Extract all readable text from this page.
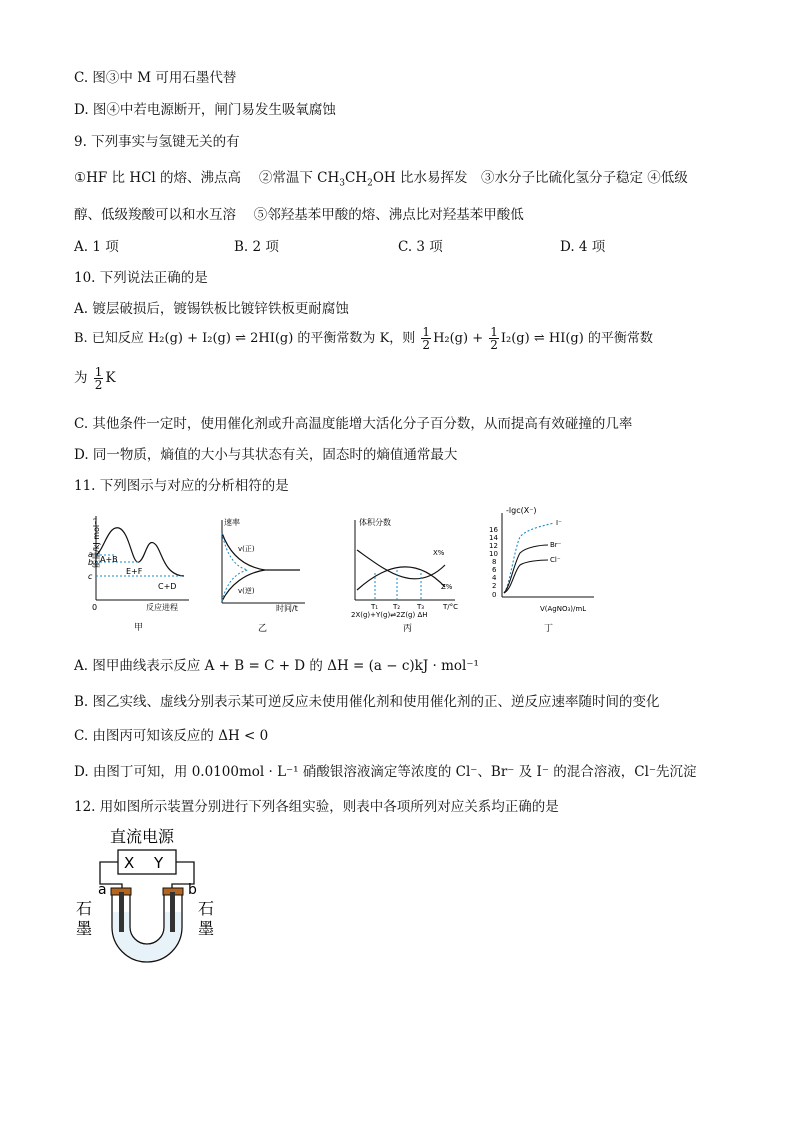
C. 图③中 M 可用石墨代替
D. 图④中若电源断开，闸门易发生吸氧腐蚀
9. 下列事实与氢键无关的有
①HF 比 HCl 的熔、沸点高　 ②常温下 $CH_3CH_2OH$ 比水易挥发　③水分子比硫化氢分子稳定 ④低级
醇、低级羧酸可以和水互溶　 ⑤邻羟基苯甲酸的熔、沸点比对羟基苯甲酸低
A. 1 项	B. 2 项	C. 3 项	D. 4 项
10. 下列说法正确的是
A. 镀层破损后，镀锡铁板比镀锌铁板更耐腐蚀
B. 已知反应 H₂(g) + I₂(g) ⇌ 2HI(g) 的平衡常数为 K，则 $\frac{1}{2} H_2(g) + \frac{1}{2} I_2(g)$ ⇌ HI(g) 的平衡常数
为 $\frac{1}{2}$ K
C. 其他条件一定时，使用催化剂或升高温度能增大活化分子百分数，从而提高有效碰撞的几率
D. 同一物质，熵值的大小与其状态有关，固态时的熵值通常最大
11. 下列图示与对应的分析相符的是
能量/kJ·mol⁻¹
a
b
c
A+B
E+F
C+D
0	反应进程
甲
速率
v(正)
v(逆)
时间/t
乙
体积分数
X%
Z%
T₁ T₂ T₃	T/°C
2X(g)+Y(g)⇌2Z(g) ΔH
丙
-lgc(X⁻)
16
14
12
10
8
6
4
2
0
I⁻
Br⁻
Cl⁻
V(AgNO₃)/mL
丁
A. 图甲曲线表示反应 A + B = C + D 的 ΔH = (a − c)kJ · mol⁻¹
B. 图乙实线、虚线分别表示某可逆反应未使用催化剂和使用催化剂的正、逆反应速率随时间的变化
C. 由图丙可知该反应的 ΔH < 0
D. 由图丁可知，用 0.0100mol · L⁻¹ 硝酸银溶液滴定等浓度的 Cl⁻、Br⁻ 及 I⁻ 的混合溶液，Cl⁻先沉淀
12. 用如图所示装置分别进行下列各组实验，则表中各项所列对应关系均正确的是
直流电源
X Y
a	b
石
墨
石
墨
